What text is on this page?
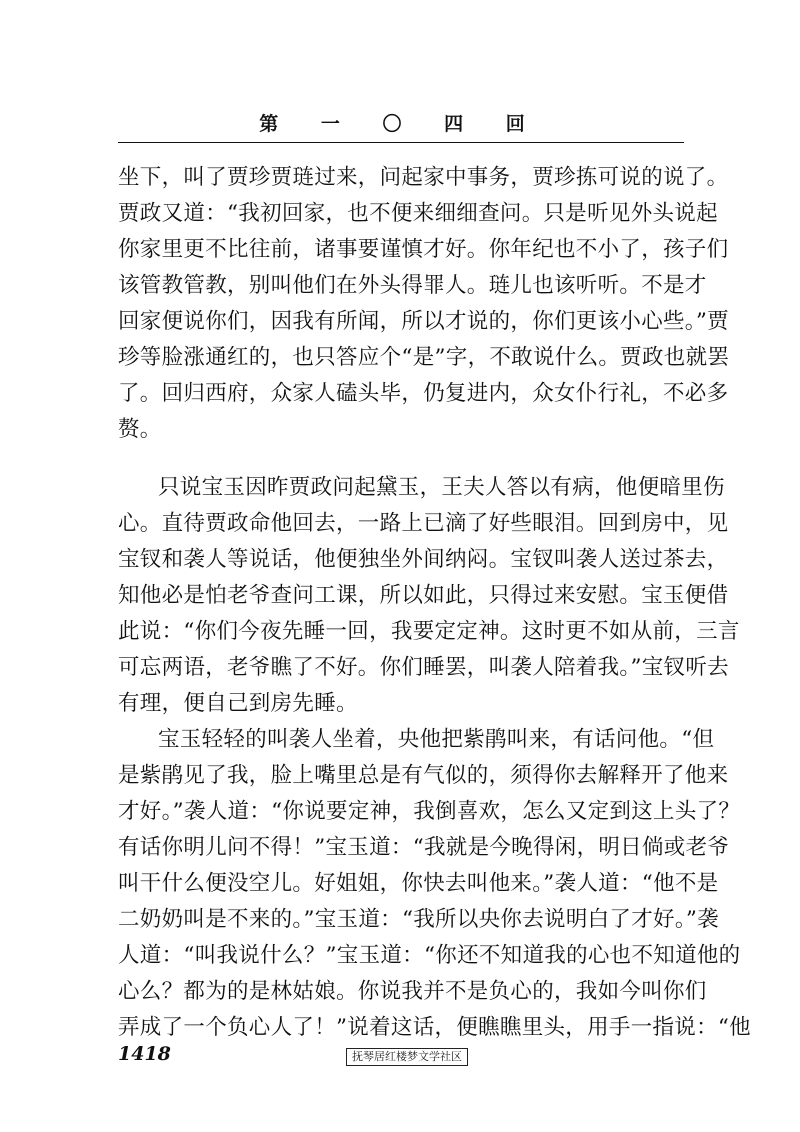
第 一 〇 四 回
坐下，叫了贾珍贾琏过来，问起家中事务，贾珍拣可说的说了。
贾政又道：“我初回家，也不便来细细查问。只是听见外头说起
你家里更不比往前，诸事要谨慎才好。你年纪也不小了，孩子们
该管教管教，别叫他们在外头得罪人。琏儿也该听听。不是才
回家便说你们，因我有所闻，所以才说的，你们更该小心些。”贾
珍等脸涨通红的，也只答应个“是”字，不敢说什么。贾政也就罢
了。回归西府，众家人磕头毕，仍复进内，众女仆行礼，不必多
赘。
只说宝玉因昨贾政问起黛玉，王夫人答以有病，他便暗里伤
心。直待贾政命他回去，一路上已滴了好些眼泪。回到房中，见
宝钗和袭人等说话，他便独坐外间纳闷。宝钗叫袭人送过茶去，
知他必是怕老爷查问工课，所以如此，只得过来安慰。宝玉便借
此说：“你们今夜先睡一回，我要定定神。这时更不如从前，三言
可忘两语，老爷瞧了不好。你们睡罢，叫袭人陪着我。”宝钗听去
有理，便自己到房先睡。
宝玉轻轻的叫袭人坐着，央他把紫鹃叫来，有话问他。“但
是紫鹃见了我，脸上嘴里总是有气似的，须得你去解释开了他来
才好。”袭人道：“你说要定神，我倒喜欢，怎么又定到这上头了？
有话你明儿问不得！”宝玉道：“我就是今晚得闲，明日倘或老爷
叫干什么便没空儿。好姐姐，你快去叫他来。”袭人道：“他不是
二奶奶叫是不来的。”宝玉道：“我所以央你去说明白了才好。”袭
人道：“叫我说什么？”宝玉道：“你还不知道我的心也不知道他的
心么？都为的是林姑娘。你说我并不是负心的，我如今叫你们
弄成了一个负心人了！”说着这话，便瞧瞧里头，用手一指说：“他
1418	抚琴居红楼梦文学社区
